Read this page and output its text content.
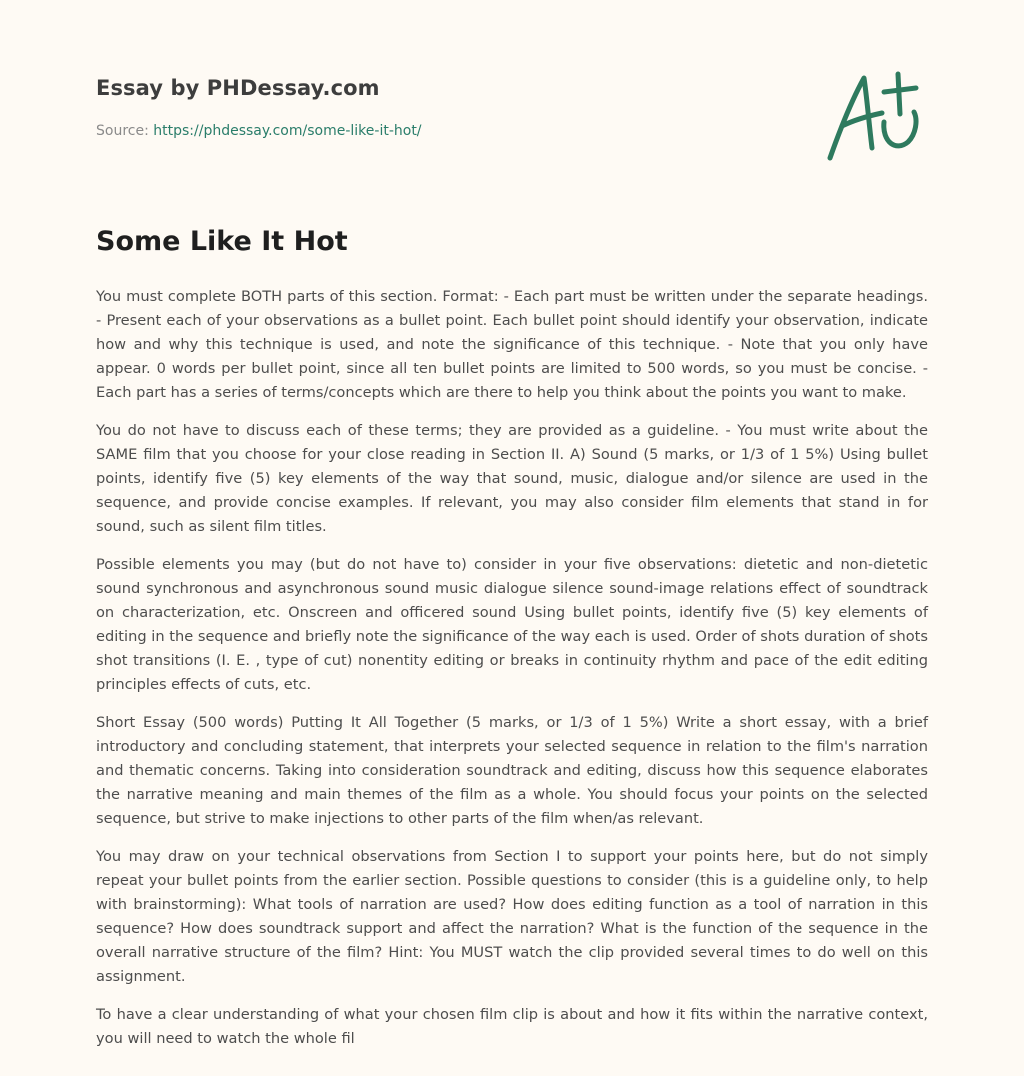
Essay by PHDessay.com
Source: https://phdessay.com/some-like-it-hot/
Some Like It Hot

You must complete BOTH parts of this section. Format: - Each part must be written under the separate headings. - Present each of your observations as a bullet point. Each bullet point should identify your observation, indicate how and why this technique is used, and note the significance of this technique. - Note that you only have appear. 0 words per bullet point, since all ten bullet points are limited to 500 words, so you must be concise. - Each part has a series of terms/concepts which are there to help you think about the points you want to make.

You do not have to discuss each of these terms; they are provided as a guideline. - You must write about the SAME film that you choose for your close reading in Section II. A) Sound (5 marks, or 1/3 of 1 5%) Using bullet points, identify five (5) key elements of the way that sound, music, dialogue and/or silence are used in the sequence, and provide concise examples. If relevant, you may also consider film elements that stand in for sound, such as silent film titles.

Possible elements you may (but do not have to) consider in your five observations: dietetic and non-dietetic sound synchronous and asynchronous sound music dialogue silence sound-image relations effect of soundtrack on characterization, etc. Onscreen and officered sound Using bullet points, identify five (5) key elements of editing in the sequence and briefly note the significance of the way each is used. Order of shots duration of shots shot transitions (I. E. , type of cut) nonentity editing or breaks in continuity rhythm and pace of the edit editing principles effects of cuts, etc.

Short Essay (500 words) Putting It All Together (5 marks, or 1/3 of 1 5%) Write a short essay, with a brief introductory and concluding statement, that interprets your selected sequence in relation to the film's narration and thematic concerns. Taking into consideration soundtrack and editing, discuss how this sequence elaborates the narrative meaning and main themes of the film as a whole. You should focus your points on the selected sequence, but strive to make injections to other parts of the film when/as relevant.

You may draw on your technical observations from Section I to support your points here, but do not simply repeat your bullet points from the earlier section. Possible questions to consider (this is a guideline only, to help with brainstorming): What tools of narration are used? How does editing function as a tool of narration in this sequence? How does soundtrack support and affect the narration? What is the function of the sequence in the overall narrative structure of the film? Hint: You MUST watch the clip provided several times to do well on this assignment.

To have a clear understanding of what your chosen film clip is about and how it fits within the narrative context, you will need to watch the whole fil
